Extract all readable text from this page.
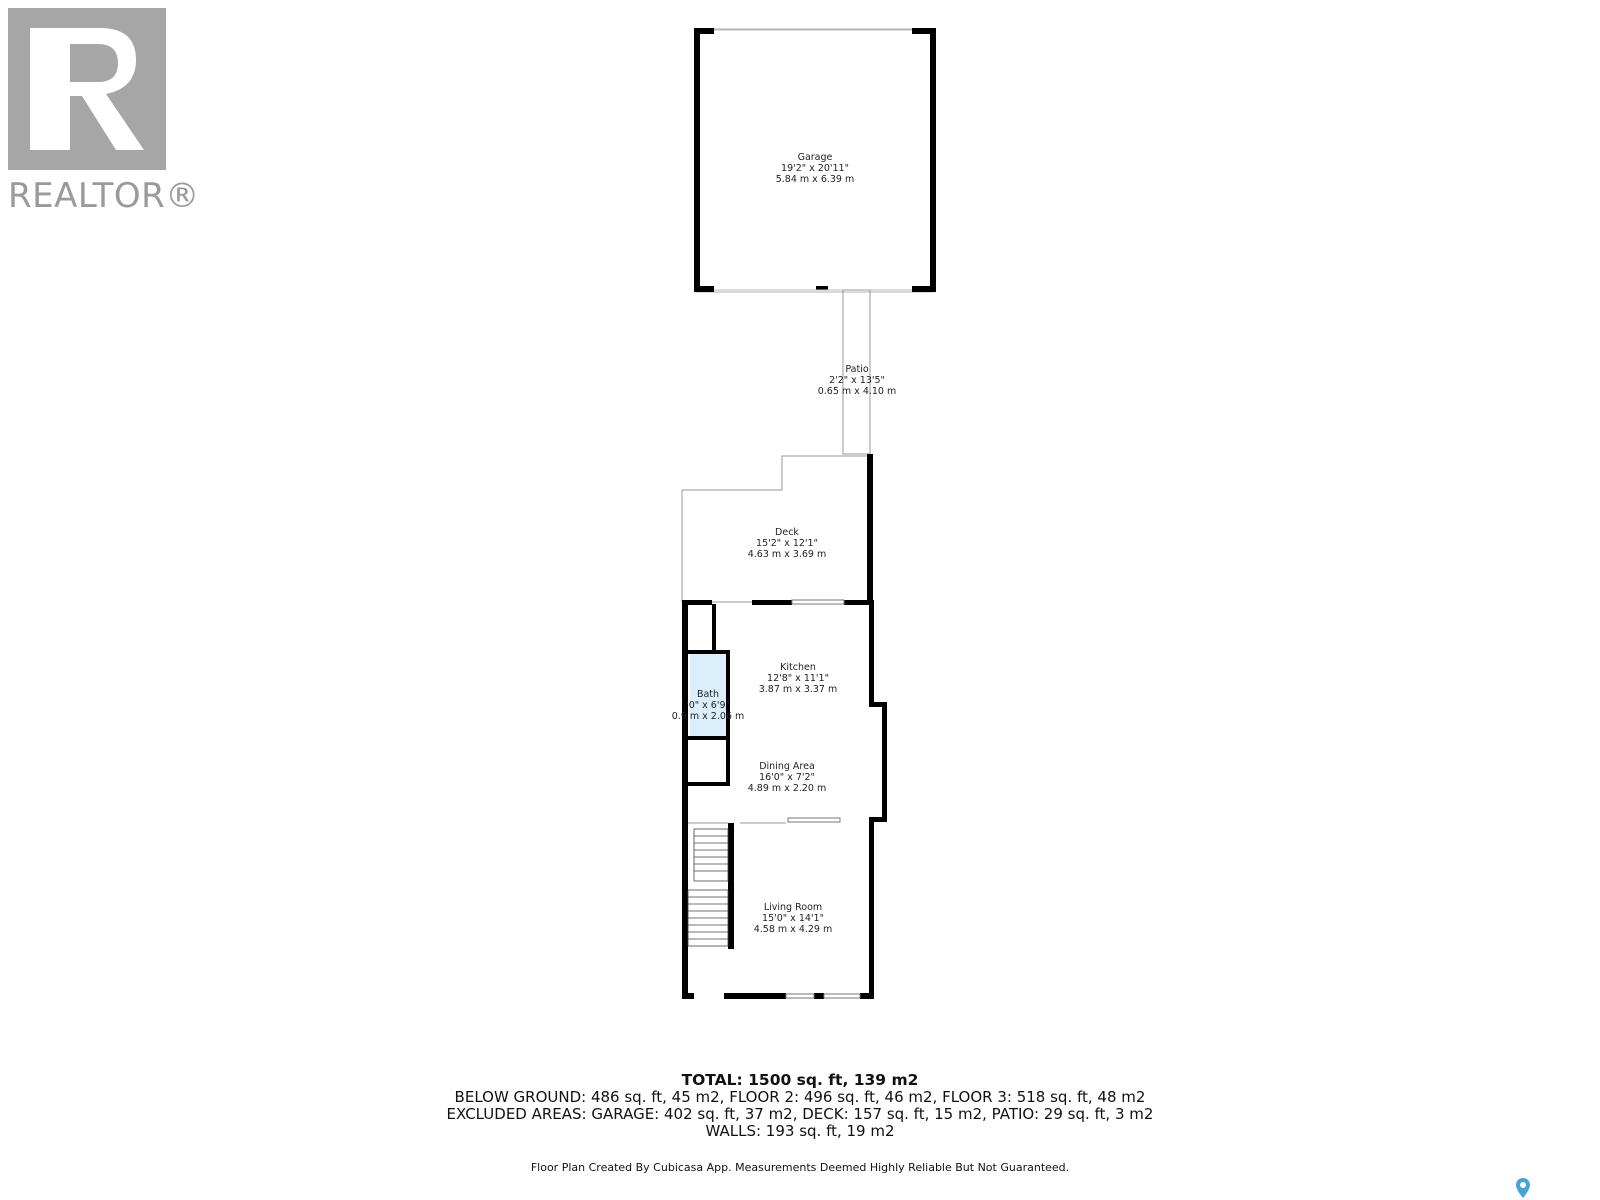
REALTOR®
Garage
19'2" x 20'11"
5.84 m x 6.39 m
Patio
2'2" x 13'5"
0.65 m x 4.10 m
Deck
15'2" x 12'1"
4.63 m x 3.69 m
Kitchen
12'8" x 11'1"
3.87 m x 3.37 m
Bath
'0" x 6'9"
0.9 m x 2.06 m
Dining Area
16'0" x 7'2"
4.89 m x 2.20 m
Living Room
15'0" x 14'1"
4.58 m x 4.29 m
TOTAL: 1500 sq. ft, 139 m2
BELOW GROUND: 486 sq. ft, 45 m2, FLOOR 2: 496 sq. ft, 46 m2, FLOOR 3: 518 sq. ft, 48 m2
EXCLUDED AREAS: GARAGE: 402 sq. ft, 37 m2, DECK: 157 sq. ft, 15 m2, PATIO: 29 sq. ft, 3 m2
WALLS: 193 sq. ft, 19 m2
Floor Plan Created By Cubicasa App. Measurements Deemed Highly Reliable But Not Guaranteed.
